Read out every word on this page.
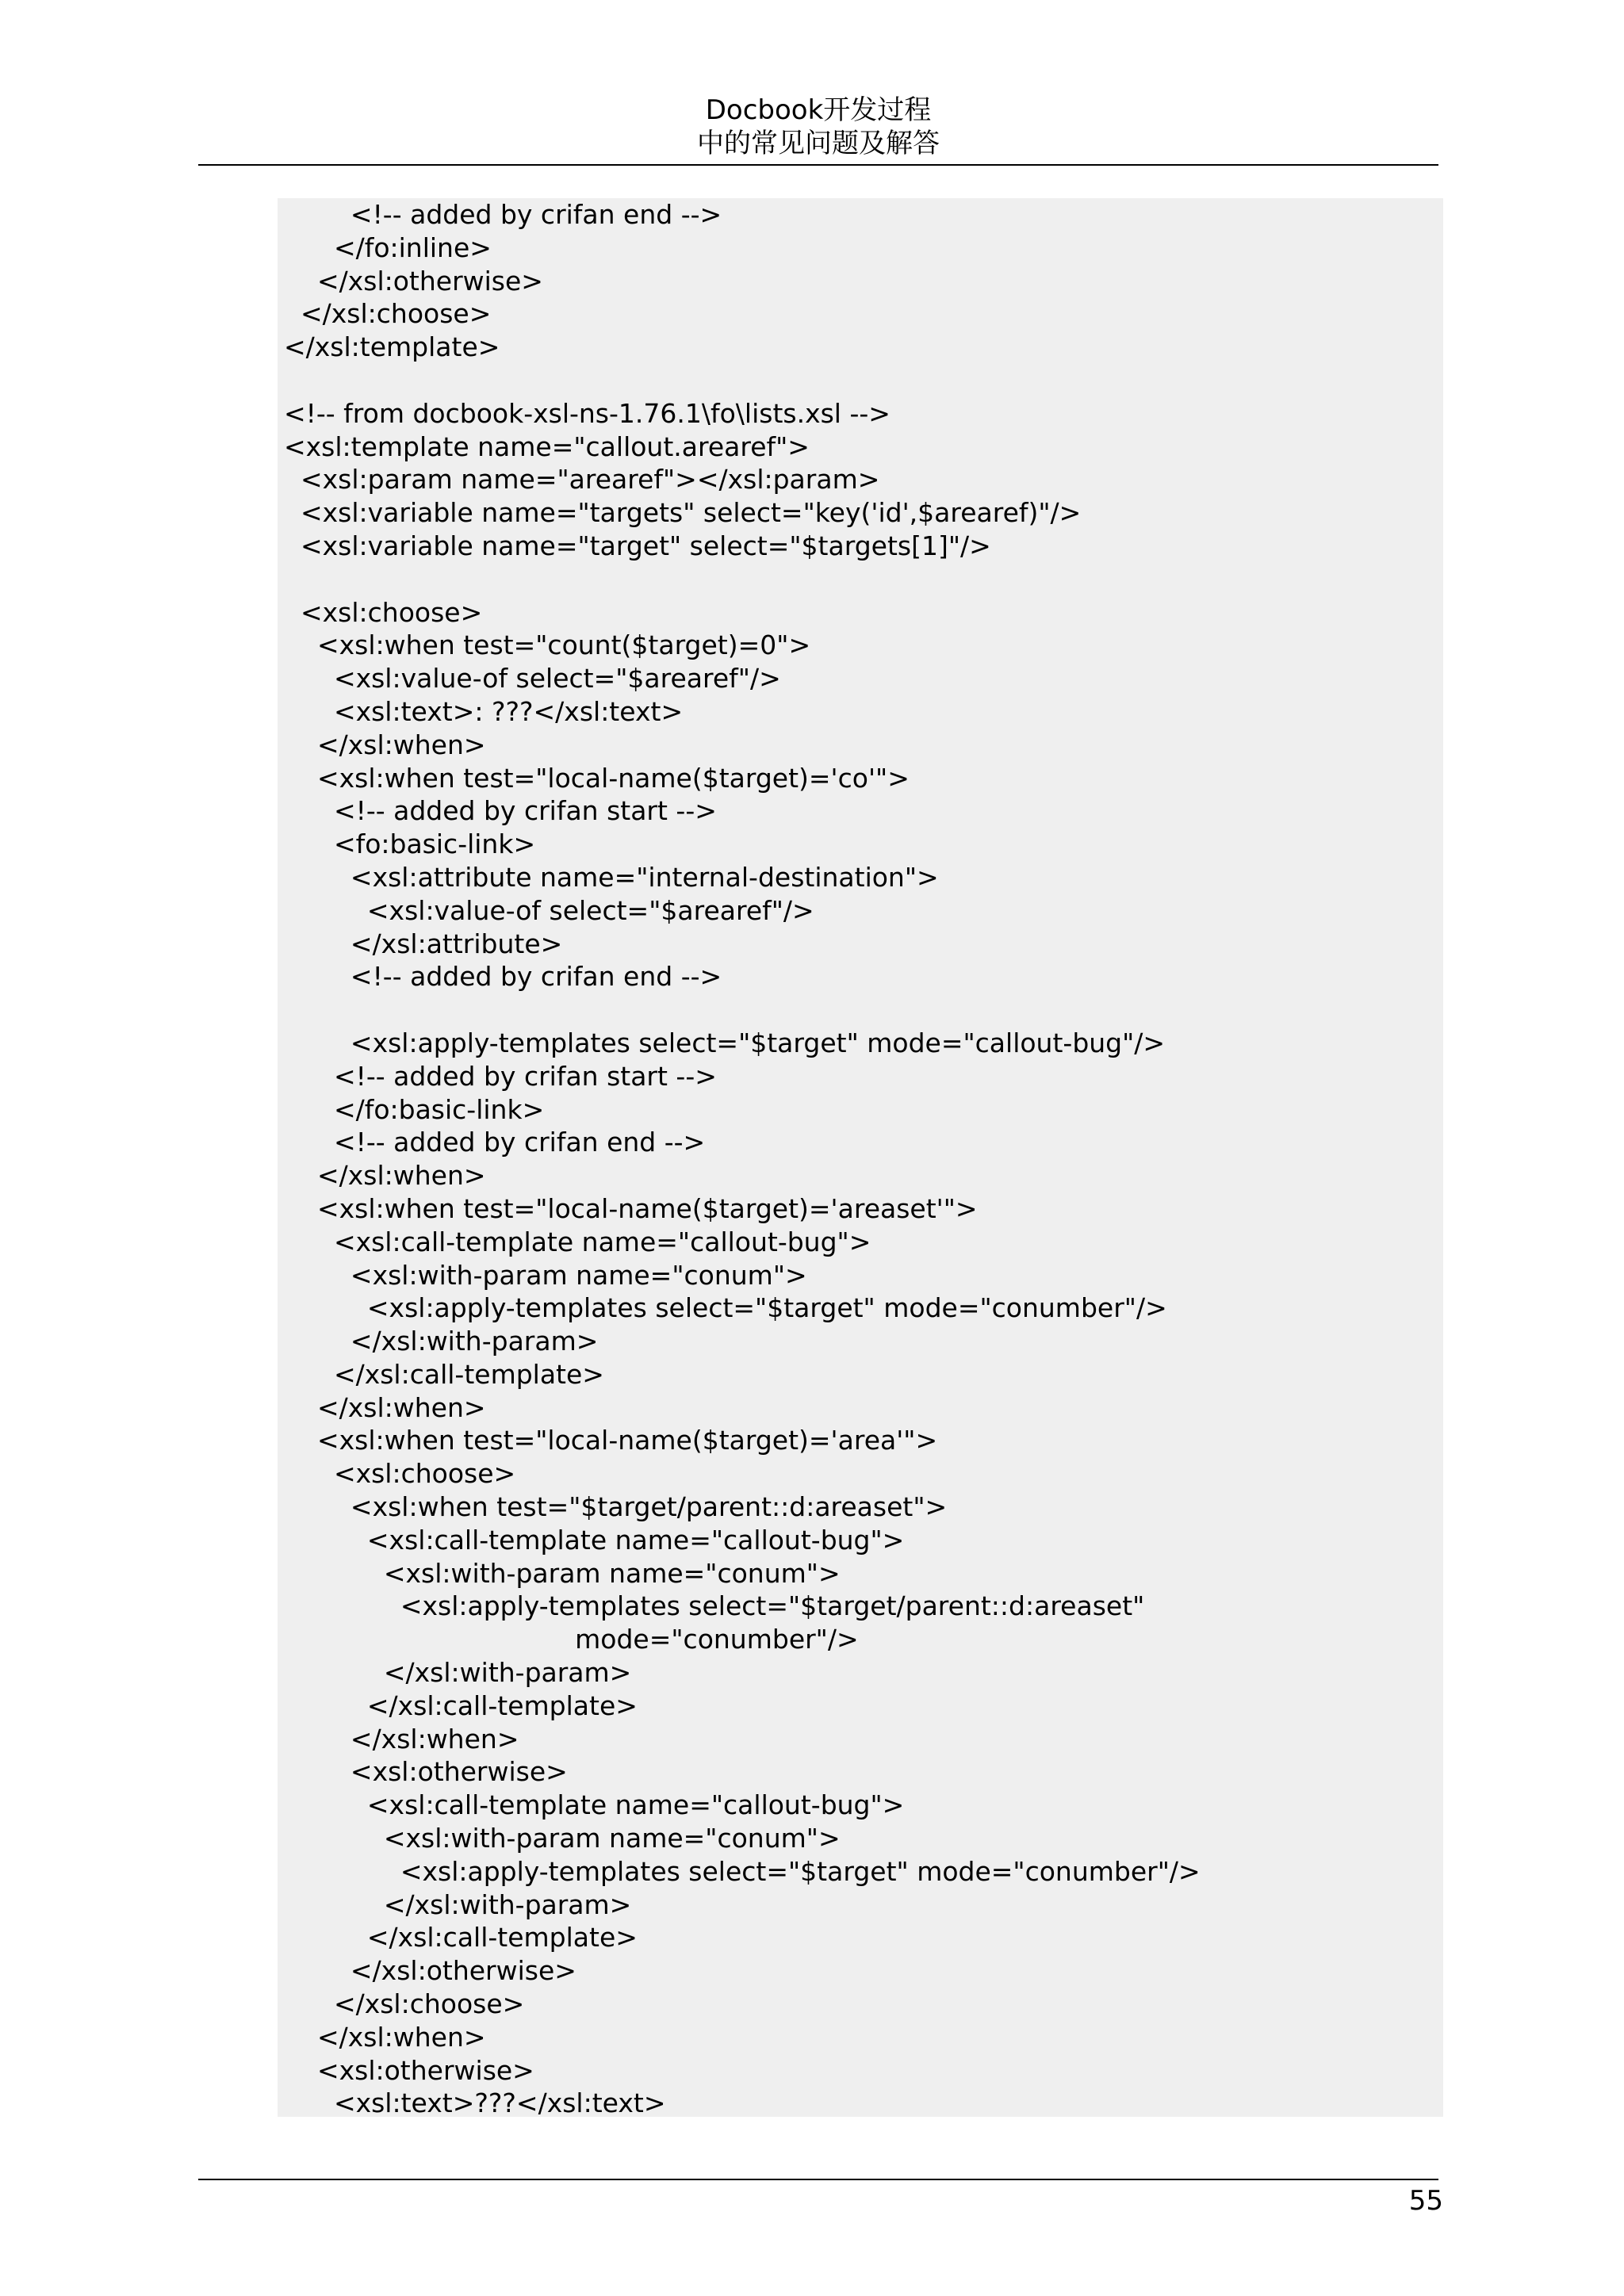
Docbook开发过程
中的常见问题及解答
<!-- added by crifan end -->
</fo:inline>
</xsl:otherwise>
</xsl:choose>
</xsl:template>
<!-- from docbook-xsl-ns-1.76.1\fo\lists.xsl -->
<xsl:template name="callout.arearef">
<xsl:param name="arearef"></xsl:param>
<xsl:variable name="targets" select="key('id',$arearef)"/>
<xsl:variable name="target" select="$targets[1]"/>
<xsl:choose>
<xsl:when test="count($target)=0">
<xsl:value-of select="$arearef"/>
<xsl:text>: ???</xsl:text>
</xsl:when>
<xsl:when test="local-name($target)='co'">
<!-- added by crifan start -->
<fo:basic-link>
<xsl:attribute name="internal-destination">
<xsl:value-of select="$arearef"/>
</xsl:attribute>
<!-- added by crifan end -->
<xsl:apply-templates select="$target" mode="callout-bug"/>
<!-- added by crifan start -->
</fo:basic-link>
<!-- added by crifan end -->
</xsl:when>
<xsl:when test="local-name($target)='areaset'">
<xsl:call-template name="callout-bug">
<xsl:with-param name="conum">
<xsl:apply-templates select="$target" mode="conumber"/>
</xsl:with-param>
</xsl:call-template>
</xsl:when>
<xsl:when test="local-name($target)='area'">
<xsl:choose>
<xsl:when test="$target/parent::d:areaset">
<xsl:call-template name="callout-bug">
<xsl:with-param name="conum">
<xsl:apply-templates select="$target/parent::d:areaset"
mode="conumber"/>
</xsl:with-param>
</xsl:call-template>
</xsl:when>
<xsl:otherwise>
<xsl:call-template name="callout-bug">
<xsl:with-param name="conum">
<xsl:apply-templates select="$target" mode="conumber"/>
</xsl:with-param>
</xsl:call-template>
</xsl:otherwise>
</xsl:choose>
</xsl:when>
<xsl:otherwise>
<xsl:text>???</xsl:text>
55
